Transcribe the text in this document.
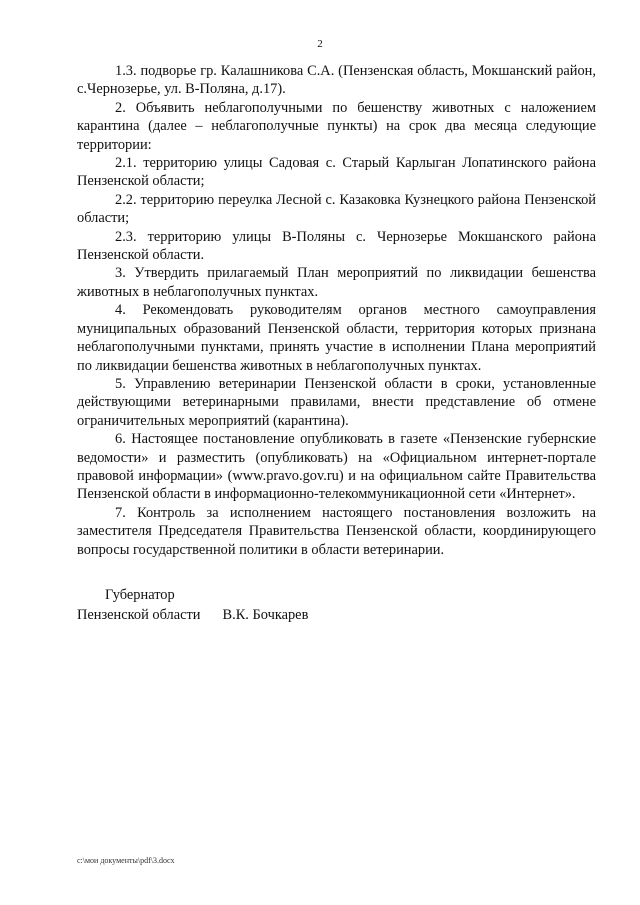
2

1.3. подворье гр. Калашникова С.А. (Пензенская область, Мокшанский район, с.Чернозерье, ул. В-Поляна, д.17).

2. Объявить неблагополучными по бешенству животных с наложением карантина (далее – неблагополучные пункты) на срок два месяца следующие территории:

2.1. территорию улицы Садовая с. Старый Карлыган Лопатинского района Пензенской области;

2.2. территорию переулка Лесной с. Казаковка Кузнецкого района Пензенской области;

2.3. территорию улицы В-Поляны с. Чернозерье Мокшанского района Пензенской области.

3. Утвердить прилагаемый План мероприятий по ликвидации бешенства животных в неблагополучных пунктах.

4. Рекомендовать руководителям органов местного самоуправления муниципальных образований Пензенской области, территория которых признана неблагополучными пунктами, принять участие в исполнении Плана мероприятий по ликвидации бешенства животных в неблагополучных пунктах.

5. Управлению ветеринарии Пензенской области в сроки, установленные действующими ветеринарными правилами, внести представление об отмене ограничительных мероприятий (карантина).

6. Настоящее постановление опубликовать в газете «Пензенские губернские ведомости» и разместить (опубликовать) на «Официальном интернет-портале правовой информации» (www.pravo.gov.ru) и на официальном сайте Правительства Пензенской области в информационно-телекоммуникационной сети «Интернет».

7. Контроль за исполнением настоящего постановления возложить на заместителя Председателя Правительства Пензенской области, координирующего вопросы государственной политики в области ветеринарии.

Губернатор
Пензенской области В.К. Бочкарев
c:\мои документы\pdf\3.docx
